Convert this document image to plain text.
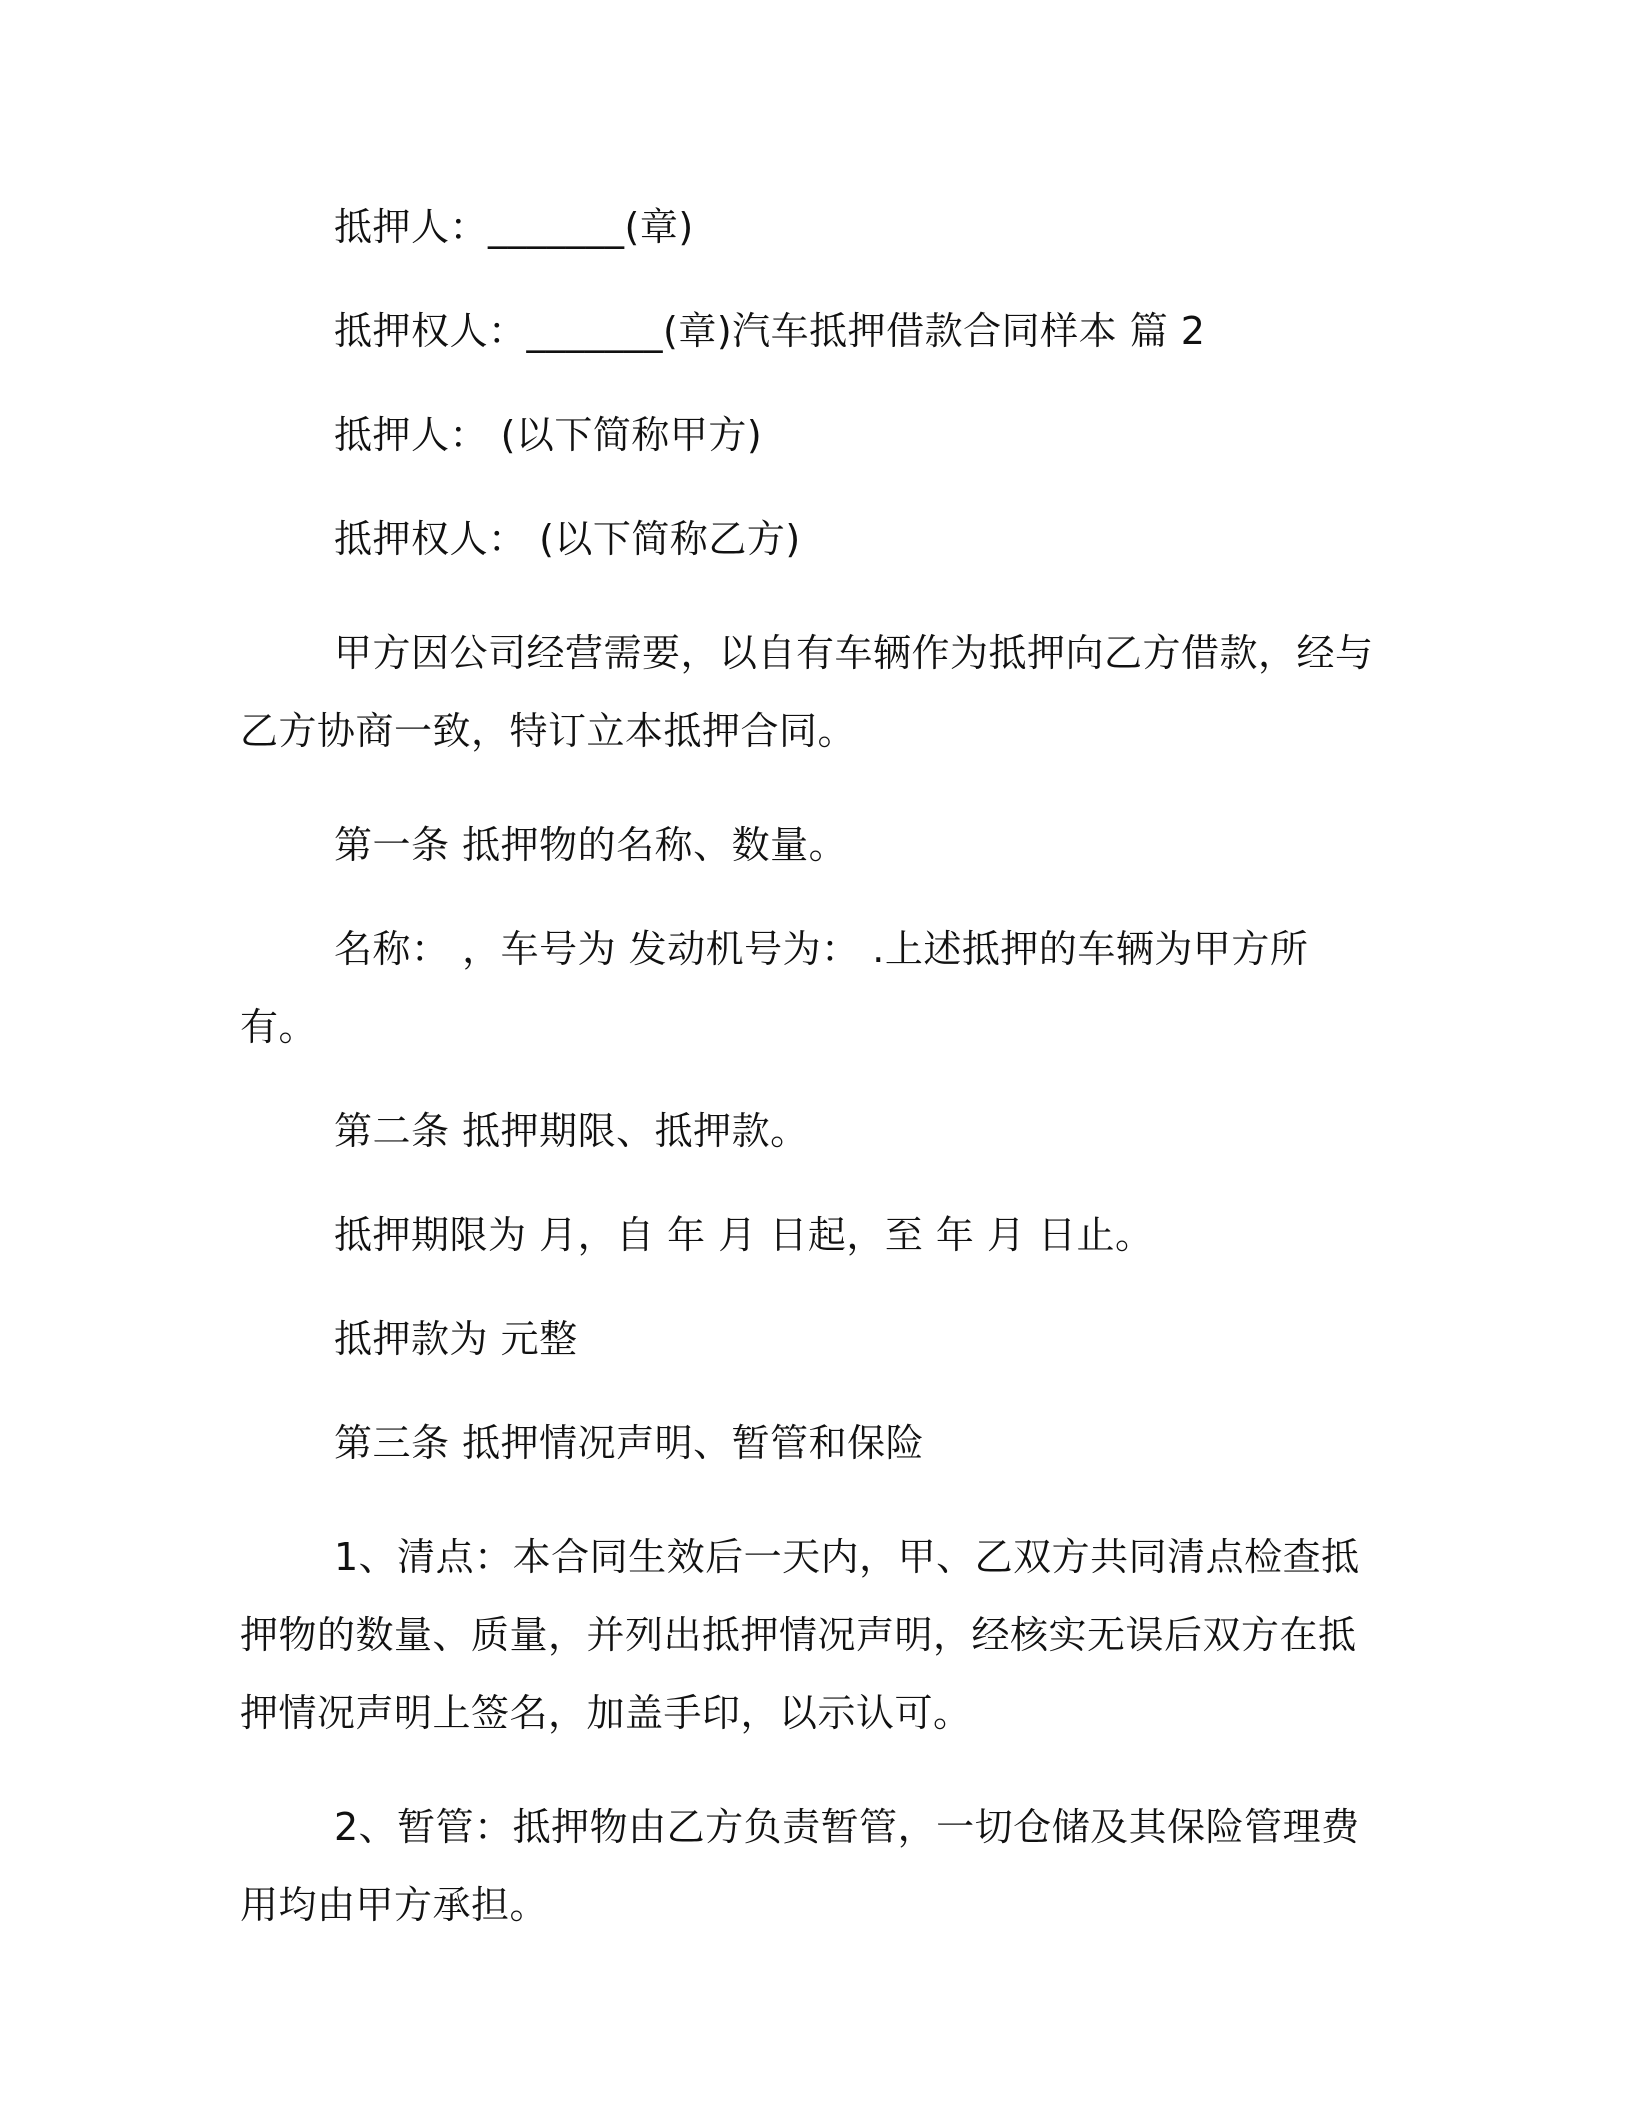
抵押人：_______(章)

抵押权人：_______(章)汽车抵押借款合同样本 篇 2

抵押人： (以下简称甲方)

抵押权人： (以下简称乙方)

甲方因公司经营需要，以自有车辆作为抵押向乙方借款，经与乙方协商一致，特订立本抵押合同。

第一条 抵押物的名称、数量。

名称： ，车号为 发动机号为： .上述抵押的车辆为甲方所有。

第二条 抵押期限、抵押款。

抵押期限为 月，自 年 月 日起，至 年 月 日止。

抵押款为 元整

第三条 抵押情况声明、暂管和保险

1、清点：本合同生效后一天内，甲、乙双方共同清点检查抵押物的数量、质量，并列出抵押情况声明，经核实无误后双方在抵押情况声明上签名，加盖手印，以示认可。

2、暂管：抵押物由乙方负责暂管，一切仓储及其保险管理费用均由甲方承担。
